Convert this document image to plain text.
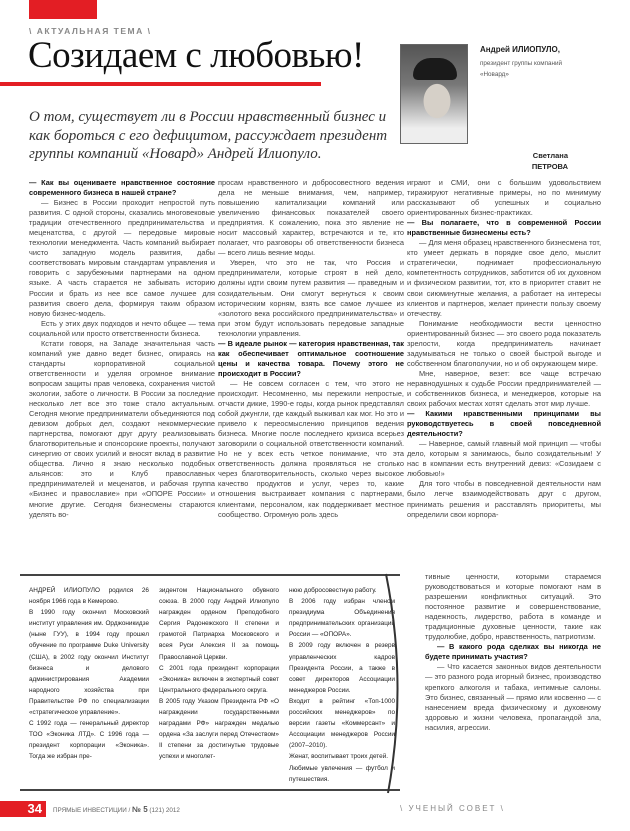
\ АКТУАЛЬНАЯ ТЕМА \
Созидаем с любовью!

О том, существует ли в России нравственный бизнес и как бороться с его дефицитом, рассуждает президент группы компаний «Новард» Андрей Илиопуло.

Андрей ИЛИОПУЛО,
президент группы компаний «Новард»
Светлана
ПЕТРОВА

— Как вы оцениваете нравственное состояние современного бизнеса в нашей стране?

— Бизнес в России проходит непростой путь развития. С одной стороны, сказались многовековые традиции отечественного предпринимательства и меценатства, с другой — передовые мировые технологии менеджмента. Часть компаний выбирает чисто западную модель развития, дабы соответствовать мировым стандартам управления и говорить с зарубежными партнерами на одном языке. А часть старается не забывать историю России и брать из нее все самое лучшее для развития своего дела, формируя таким образом новую бизнес-модель.

Есть у этих двух подходов и нечто общее — тема социальной или просто ответственности бизнеса.

Кстати говоря, на Западе значительная часть компаний уже давно ведет бизнес, опираясь на стандарты корпоративной социальной ответственности и уделяя огромное внимание вопросам защиты прав человека, сохранения чистой экологии, заботе о личности. В России за последние несколько лет все это тоже стало актуальным. Сегодня многие предприниматели объединяются под девизом добрых дел, создают некоммерческие партнерства, помогают друг другу реализовывать благотворительные и спонсорские проекты, получают синергию от своих усилий и вносят вклад в развитие общества. Лично я знаю несколько подобных альянсов: это и Клуб православных предпринимателей и меценатов, и рабочая группа «Бизнес и православие» при «ОПОРЕ России» и многие другие. Сегодня бизнесмены стараются уделять во-

просам нравственного и добросовестного ведения дела не меньше внимания, чем, например, повышению капитализации компаний или увеличению финансовых показателей своего предприятия. К сожалению, пока это явление не носит массовый характер, встречаются и те, кто полагает, что разговоры об ответственности бизнеса — всего лишь веяние моды.

Уверен, что это не так, что Россия и предприниматели, которые строят в ней дело, должны идти своим путем развития — праведным и созидательным. Они смогут вернуться к своим историческим корням, взять все самое лучшее из «золотого века российского предпринимательства» и при этом будут использовать передовые западные технологии управления.

— В идеале рынок — категория нравственная, так как обеспечивает оптимальное соотношение цены и качества товара. Почему этого не происходит в России?

— Не совсем согласен с тем, что этого не происходит. Несомненно, мы пережили непростые, отчасти дикие, 1990-е годы, когда рынок представлял собой джунгли, где каждый выживал как мог. Но это и привело к переосмыслению принципов ведения бизнеса. Многие после последнего кризиса всерьез заговорили о социальной ответственности компаний. Но не у всех есть четкое понимание, что эта ответственность должна проявляться не столько через благотворительность, сколько через высокое качество продуктов и услуг, через то, какие отношения выстраивает компания с партнерами, клиентами, персоналом, как поддерживает местное сообщество. Огромную роль здесь

играют и СМИ, они с большим удовольствием тиражируют негативные примеры, но по минимуму рассказывают об успешных и социально ориентированных бизнес-практиках.

— Вы полагаете, что в современной России нравственные бизнесмены есть?

— Для меня образец нравственного бизнесмена тот, кто умеет держать в порядке свое дело, мыслит стратегически, поднимает профессиональную компетентность сотрудников, заботится об их духовном и физическом развитии, тот, кто в приоритет ставит не свои сиюминутные желания, а работает на интересы клиентов и партнеров, желает принести пользу своему отечеству.

Понимание необходимости вести ценностно ориентированный бизнес — это своего рода показатель зрелости, когда предприниматель начинает задумываться не только о своей быстрой выгоде и собственном благополучии, но и об окружающем мире.

Мне, наверное, везет: все чаще встречаю неравнодушных к судьбе России предпринимателей — и собственников бизнеса, и менеджеров, которые на своих рабочих местах хотят сделать этот мир лучше.

— Какими нравственными принципами вы руководствуетесь в своей повседневной деятельности?

— Наверное, самый главный мой принцип — чтобы дело, которым я занимаюсь, было созидательным! У нас в компании есть внутренний девиз: «Созидаем с любовью!»

Для того чтобы в повседневной деятельности нам было легче взаимодействовать друг с другом, принимать решения и расставлять приоритеты, мы определили свои корпора-

тивные ценности, которыми стараемся руководствоваться и которые помогают нам в разрешении конфликтных ситуаций. Это постоянное развитие и совершенствование, надежность, лидерство, работа в команде и традиционные духовные ценности, такие как трудолюбие, добро, нравственность, патриотизм.

— В какого рода сделках вы никогда не будете принимать участия?

— Что касается законных видов деятельности — это разного рода игорный бизнес, производство крепкого алкоголя и табака, интимные салоны. Это бизнес, связанный — прямо или косвенно — с нанесением вреда физическому и духовному здоровью и жизни человека, пропагандой зла, насилия, агрессии.

АНДРЕЙ ИЛИОПУЛО родился 26 ноября 1966 года в Кемерово.

В 1990 году окончил Московский институт управления им. Орджоникидзе (ныне ГУУ), в 1994 году прошел обучение по программе Duke University (США), в 2002 году окончил Институт бизнеса и делового администрирования Академии народного хозяйства при Правительстве РФ по специализации «стратегическое управление».

С 1992 года — генеральный директор ТОО «Эконика ЛТД». С 1996 года — президент корпорации «Эконика». Тогда же избран пре-

зидентом Национального обувного союза. В 2000 году Андрей Илиопуло награжден орденом Преподобного Сергия Радонежского II степени и грамотой Патриарха Московского и всея Руси Алексия II за помощь Православной Церкви.

С 2001 года президент корпорации «Эконика» включен в экспертный совет Центрального федерального округа.

В 2005 году Указом Президента РФ «О награждении государственными наградами РФ» награжден медалью ордена «За заслуги перед Отечеством» II степени за достигнутые трудовые успехи и многолет-

нюю добросовестную работу.

В 2006 году избран членом президиума Объединения предпринимательских организаций России — «ОПОРА».

В 2009 году включен в резерв управленческих кадров Президента России, а также в совет директоров Ассоциации менеджеров России.

Входит в рейтинг «Топ-1000 российских менеджеров» по версии газеты «Коммерсант» и Ассоциации менеджеров России (2007–2010).

Женат, воспитывает троих детей.

Любимые увлечения — футбол и путешествия.

34	ПРЯМЫЕ ИНВЕСТИЦИИ / № 5 (121) 2012	\ УЧЕНЫЙ СОВЕТ \
